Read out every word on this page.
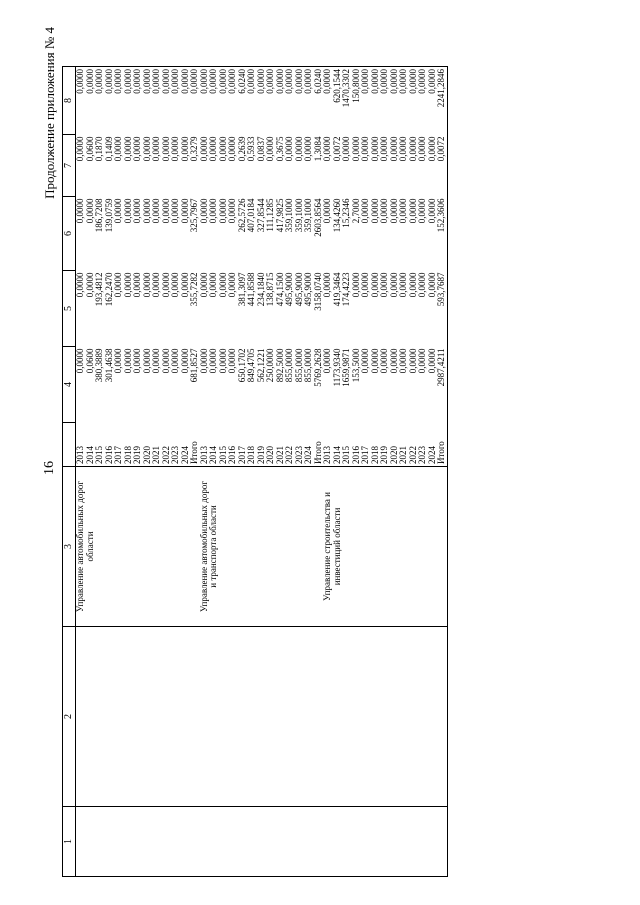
16
Продолжение приложения № 4
1	2	3		4	5	6	7	8
		Управление автомобильных дорог	2013	0,0000	0,0000	0,0000	0,0000	0,0000
		области	2014	0,0600	0,0000	0,0000	0,0600	0,0000
			2015	380,3889	193,4812	186,7208	0,1870	0,0000
			2016	301,4638	162,2470	139,0759	0,1409	0,0000
			2017	0,0000	0,0000	0,0000	0,0000	0,0000
			2018	0,0000	0,0000	0,0000	0,0000	0,0000
			2019	0,0000	0,0000	0,0000	0,0000	0,0000
			2020	0,0000	0,0000	0,0000	0,0000	0,0000
			2021	0,0000	0,0000	0,0000	0,0000	0,0000
			2022	0,0000	0,0000	0,0000	0,0000	0,0000
			2023	0,0000	0,0000	0,0000	0,0000	0,0000
			2024	0,0000	0,0000	0,0000	0,0000	0,0000
			Итого	681,8527	355,7282	325,7967	0,3279	0,0000
		Управление автомобильных дорог	2013	0,0000	0,0000	0,0000	0,0000	0,0000
		и транспорта области	2014	0,0000	0,0000	0,0000	0,0000	0,0000
			2015	0,0000	0,0000	0,0000	0,0000	0,0000
			2016	0,0000	0,0000	0,0000	0,0000	0,0000
			2017	650,1702	381,3097	262,5726	0,2639	6,0240
			2018	849,4705	441,8588	407,0184	0,5933	0,0000
			2019	562,1221	234,1840	327,8544	0,0837	0,0000
			2020	250,0000	138,8715	111,1285	0,0000	0,0000
			2021	892,5000	474,1500	417,9825	0,3675	0,0000
			2022	855,0000	495,9000	359,1000	0,0000	0,0000
			2023	855,0000	495,9000	359,1000	0,0000	0,0000
			2024	855,0000	495,9000	359,1000	0,0000	0,0000
			Итого	5769,2628	3158,0740	2603,8564	1,3084	6,0240
		Управление строительства и	2013	0,0000	0,0000	0,0000	0,0000	0,0000
		инвестиций области	2014	1173,9340	419,3464	134,4260	0,0072	620,1544
			2015	1659,9871	174,4223	15,2346	0,0000	1470,3302
			2016	153,5000	0,0000	2,7000	0,0000	150,8000
			2017	0,0000	0,0000	0,0000	0,0000	0,0000
			2018	0,0000	0,0000	0,0000	0,0000	0,0000
			2019	0,0000	0,0000	0,0000	0,0000	0,0000
			2020	0,0000	0,0000	0,0000	0,0000	0,0000
			2021	0,0000	0,0000	0,0000	0,0000	0,0000
			2022	0,0000	0,0000	0,0000	0,0000	0,0000
			2023	0,0000	0,0000	0,0000	0,0000	0,0000
			2024	0,0000	0,0000	0,0000	0,0000	0,0000
			Итого	2987,4211	593,7687	152,3606	0,0072	2241,2846
